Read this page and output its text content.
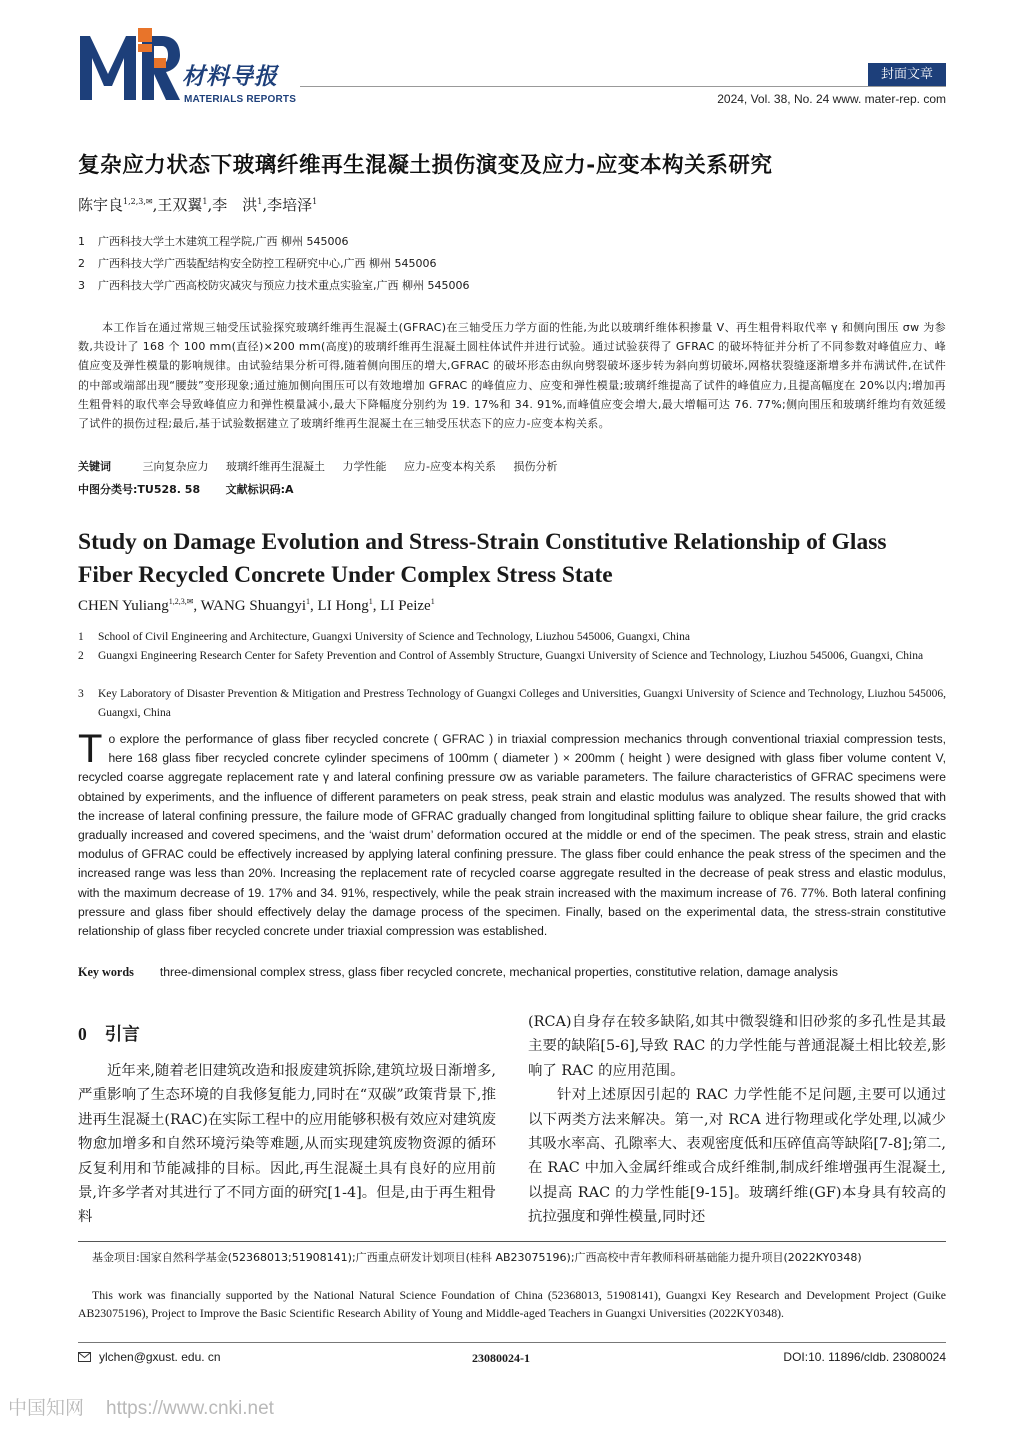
材料导报
MATERIALS REPORTS
封面文章
2024, Vol. 38, No. 24 www. mater-rep. com
复杂应力状态下玻璃纤维再生混凝土损伤演变及应力-应变本构关系研究
陈宇良$^{1,2,3,✉}$,王双翼$^1$,李　洪$^1$,李培泽$^1$
1 广西科技大学土木建筑工程学院,广西 柳州 545006
2 广西科技大学广西装配结构安全防控工程研究中心,广西 柳州 545006
3 广西科技大学广西高校防灾减灾与预应力技术重点实验室,广西 柳州 545006
本工作旨在通过常规三轴受压试验探究玻璃纤维再生混凝土(GFRAC)在三轴受压力学方面的性能,为此以玻璃纤维体积掺量 V、再生粗骨料取代率 γ 和侧向围压 σw 为参数,共设计了 168 个 100 mm(直径)×200 mm(高度)的玻璃纤维再生混凝土圆柱体试件并进行试验。通过试验获得了 GFRAC 的破坏特征并分析了不同参数对峰值应力、峰值应变及弹性模量的影响规律。由试验结果分析可得,随着侧向围压的增大,GFRAC 的破坏形态由纵向劈裂破坏逐步转为斜向剪切破坏,网格状裂缝逐渐增多并布满试件,在试件的中部或端部出现“腰鼓”变形现象;通过施加侧向围压可以有效地增加 GFRAC 的峰值应力、应变和弹性模量;玻璃纤维提高了试件的峰值应力,且提高幅度在 20%以内;增加再生粗骨料的取代率会导致峰值应力和弹性模量减小,最大下降幅度分别约为 19. 17%和 34. 91%,而峰值应变会增大,最大增幅可达 76. 77%;侧向围压和玻璃纤维均有效延缓了试件的损伤过程;最后,基于试验数据建立了玻璃纤维再生混凝土在三轴受压状态下的应力-应变本构关系。
关键词	三向复杂应力 玻璃纤维再生混凝土 力学性能 应力-应变本构关系 损伤分析
中图分类号:TU528. 58 文献标识码:A
Study on Damage Evolution and Stress-Strain Constitutive Relationship of Glass Fiber Recycled Concrete Under Complex Stress State
CHEN Yuliang$^{1,2,3,✉}$, WANG Shuangyi$^1$, LI Hong$^1$, LI Peize$^1$
1	School of Civil Engineering and Architecture, Guangxi University of Science and Technology, Liuzhou 545006, Guangxi, China
2	Guangxi Engineering Research Center for Safety Prevention and Control of Assembly Structure, Guangxi University of Science and Technology, Liuzhou 545006, Guangxi, China
3	Key Laboratory of Disaster Prevention & Mitigation and Prestress Technology of Guangxi Colleges and Universities, Guangxi University of Science and Technology, Liuzhou 545006, Guangxi, China
To explore the performance of glass fiber recycled concrete ( GFRAC ) in triaxial compression mechanics through conventional triaxial compression tests, here 168 glass fiber recycled concrete cylinder specimens of 100mm ( diameter ) × 200mm ( height ) were designed with glass fiber volume content V, recycled coarse aggregate replacement rate γ and lateral confining pressure σw as variable parameters. The failure characteristics of GFRAC specimens were obtained by experiments, and the influence of different parameters on peak stress, peak strain and elastic modulus was analyzed. The results showed that with the increase of lateral confining pressure, the failure mode of GFRAC gradually changed from longitudinal splitting failure to oblique shear failure, the grid cracks gradually increased and covered specimens, and the ‘waist drum’ deformation occured at the middle or end of the specimen. The peak stress, strain and elastic modulus of GFRAC could be effectively increased by applying lateral confining pressure. The glass fiber could enhance the peak stress of the specimen and the increased range was less than 20%. Increasing the replacement rate of recycled coarse aggregate resulted in the decrease of peak stress and elastic modulus, with the maximum decrease of 19. 17% and 34. 91%, respectively, while the peak strain increased with the maximum increase of 76. 77%. Both lateral confining pressure and glass fiber should effectively delay the damage process of the specimen. Finally, based on the experimental data, the stress-strain constitutive relationship of glass fiber recycled concrete under triaxial compression was established.
Key words three-dimensional complex stress, glass fiber recycled concrete, mechanical properties, constitutive relation, damage analysis
0 引言
近年来,随着老旧建筑改造和报废建筑拆除,建筑垃圾日渐增多,严重影响了生态环境的自我修复能力,同时在“双碳”政策背景下,推进再生混凝土(RAC)在实际工程中的应用能够积极有效应对建筑废物愈加增多和自然环境污染等难题,从而实现建筑废物资源的循环反复利用和节能减排的目标。因此,再生混凝土具有良好的应用前景,许多学者对其进行了不同方面的研究[1-4]。但是,由于再生粗骨料

(RCA)自身存在较多缺陷,如其中微裂缝和旧砂浆的多孔性是其最主要的缺陷[5-6],导致 RAC 的力学性能与普通混凝土相比较差,影响了 RAC 的应用范围。

针对上述原因引起的 RAC 力学性能不足问题,主要可以通过以下两类方法来解决。第一,对 RCA 进行物理或化学处理,以减少其吸水率高、孔隙率大、表观密度低和压碎值高等缺陷[7-8];第二,在 RAC 中加入金属纤维或合成纤维制,制成纤维增强再生混凝土,以提高 RAC 的力学性能[9-15]。玻璃纤维(GF)本身具有较高的抗拉强度和弹性模量,同时还

基金项目:国家自然科学基金(52368013;51908141);广西重点研发计划项目(桂科 AB23075196);广西高校中青年教师科研基础能力提升项目(2022KY0348)
This work was financially supported by the National Natural Science Foundation of China (52368013, 51908141), Guangxi Key Research and Development Project (Guike AB23075196), Project to Improve the Basic Scientific Research Ability of Young and Middle-aged Teachers in Guangxi Universities (2022KY0348).
ylchen@gxust. edu. cn	23080024-1	DOI:10. 11896/cldb. 23080024
中国知网 https://www.cnki.net
